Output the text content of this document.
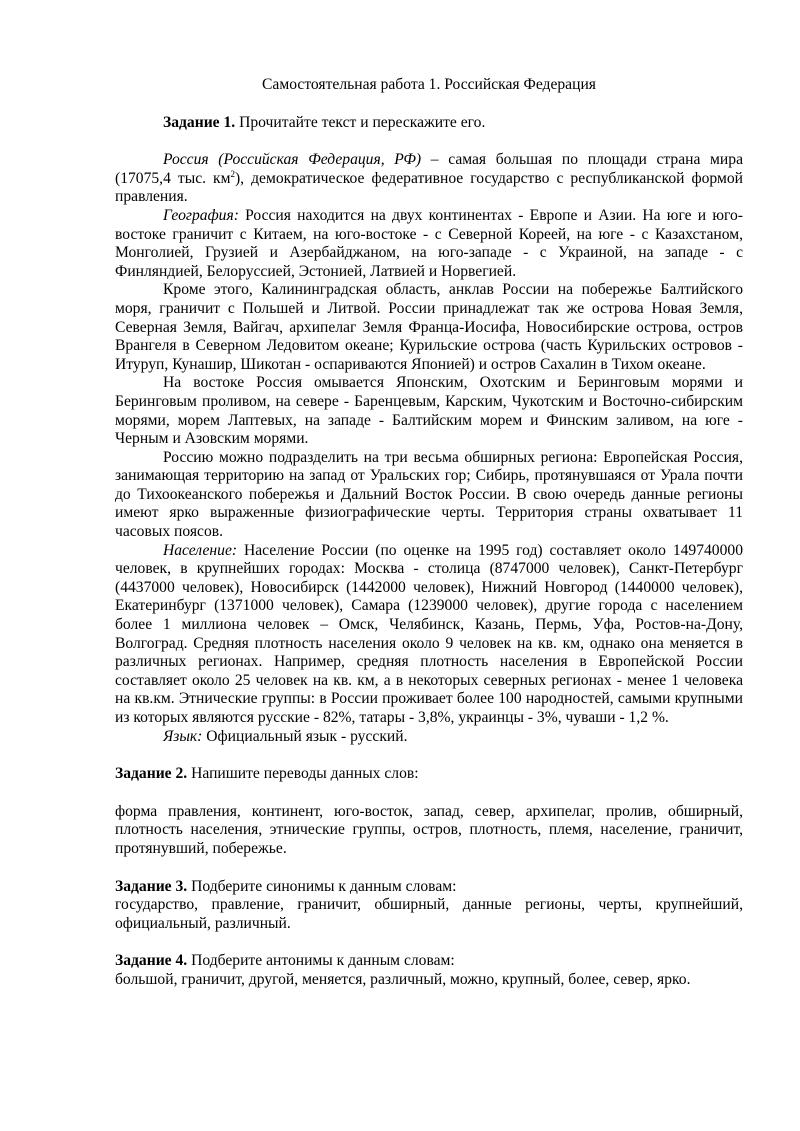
Самостоятельная работа 1. Российская Федерация
Задание 1. Прочитайте текст и перескажите его.

Россия (Российская Федерация, РФ) – самая большая по площади страна мира (17075,4 тыс. $км^2$), демократическое федеративное государство с республиканской формой правления.

География: Россия находится на двух континентах - Европе и Азии. На юге и юго-востоке граничит с Китаем, на юго-востоке - с Северной Кореей, на юге - с Казахстаном, Монголией, Грузией и Азербайджаном, на юго-западе - с Украиной, на западе - с Финляндией, Белоруссией, Эстонией, Латвией и Норвегией.

Кроме этого, Калининградская область, анклав России на побережье Балтийского моря, граничит с Польшей и Литвой. России принадлежат так же острова Новая Земля, Северная Земля, Вайгач, архипелаг Земля Франца-Иосифа, Новосибирские острова, остров Врангеля в Северном Ледовитом океане; Курильские острова (часть Курильских островов - Итуруп, Кунашир, Шикотан - оспариваются Японией) и остров Сахалин в Тихом океане.

На востоке Россия омывается Японским, Охотским и Беринговым морями и Беринговым проливом, на севере - Баренцевым, Карским, Чукотским и Восточно-сибирским морями, морем Лаптевых, на западе - Балтийским морем и Финским заливом, на юге - Черным и Азовским морями.

Россию можно подразделить на три весьма обширных региона: Европейская Россия, занимающая территорию на запад от Уральских гор; Сибирь, протянувшаяся от Урала почти до Тихоокеанского побережья и Дальний Восток России. В свою очередь данные регионы имеют ярко выраженные физиографические черты. Территория страны охватывает 11 часовых поясов.

Население: Население России (по оценке на 1995 год) составляет около 149740000 человек, в крупнейших городах: Москва - столица (8747000 человек), Санкт-Петербург (4437000 человек), Новосибирск (1442000 человек), Нижний Новгород (1440000 человек), Екатеринбург (1371000 человек), Самара (1239000 человек), другие города с населением более 1 миллиона человек – Омск, Челябинск, Казань, Пермь, Уфа, Ростов-на-Дону, Волгоград. Средняя плотность населения около 9 человек на кв. км, однако она меняется в различных регионах. Например, средняя плотность населения в Европейской России составляет около 25 человек на кв. км, а в некоторых северных регионах - менее 1 человека на кв.км. Этнические группы: в России проживает более 100 народностей, самыми крупными из которых являются русские - 82%, татары - 3,8%, украинцы - 3%, чуваши - 1,2 %.

Язык: Официальный язык - русский.

Задание 2. Напишите переводы данных слов:

форма правления, континент, юго-восток, запад, север, архипелаг, пролив, обширный, плотность населения, этнические группы, остров, плотность, племя, население, граничит, протянувший, побережье.

Задание 3. Подберите синонимы к данным словам:

государство, правление, граничит, обширный, данные регионы, черты, крупнейший, официальный, различный.

Задание 4. Подберите антонимы к данным словам:

большой, граничит, другой, меняется, различный, можно, крупный, более, север, ярко.
